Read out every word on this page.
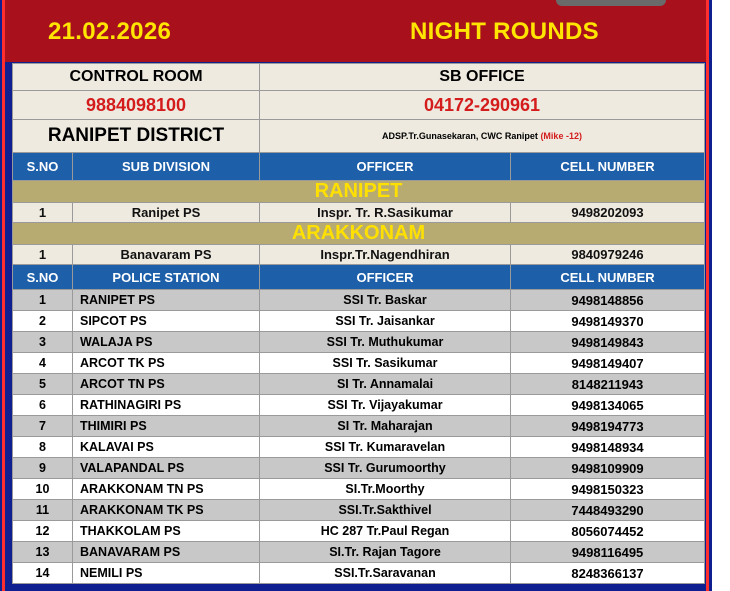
21.02.2026	NIGHT ROUNDS
CONTROL ROOM		SB OFFICE	
9884098100		04172-290961	
RANIPET DISTRICT		ADSP.Tr.Gunasekaran, CWC Ranipet (Mike -12)	
S.NO	SUB DIVISION	OFFICER	CELL NUMBER
RANIPET			
1	Ranipet PS	Inspr. Tr. R.Sasikumar	9498202093
ARAKKONAM			
1	Banavaram PS	Inspr.Tr.Nagendhiran	9840979246
S.NO	POLICE STATION	OFFICER	CELL NUMBER
1	RANIPET PS	SSI Tr. Baskar	9498148856
2	SIPCOT PS	SSI Tr. Jaisankar	9498149370
3	WALAJA PS	SSI Tr. Muthukumar	9498149843
4	ARCOT TK PS	SSI Tr. Sasikumar	9498149407
5	ARCOT TN PS	SI Tr. Annamalai	8148211943
6	RATHINAGIRI PS	SSI Tr. Vijayakumar	9498134065
7	THIMIRI PS	SI Tr. Maharajan	9498194773
8	KALAVAI PS	SSI Tr. Kumaravelan	9498148934
9	VALAPANDAL PS	SSI Tr. Gurumoorthy	9498109909
10	ARAKKONAM TN PS	SI.Tr.Moorthy	9498150323
11	ARAKKONAM TK PS	SSI.Tr.Sakthivel	7448493290
12	THAKKOLAM PS	HC 287 Tr.Paul Regan	8056074452
13	BANAVARAM PS	SI.Tr. Rajan Tagore	9498116495
14	NEMILI PS	SSI.Tr.Saravanan	8248366137
